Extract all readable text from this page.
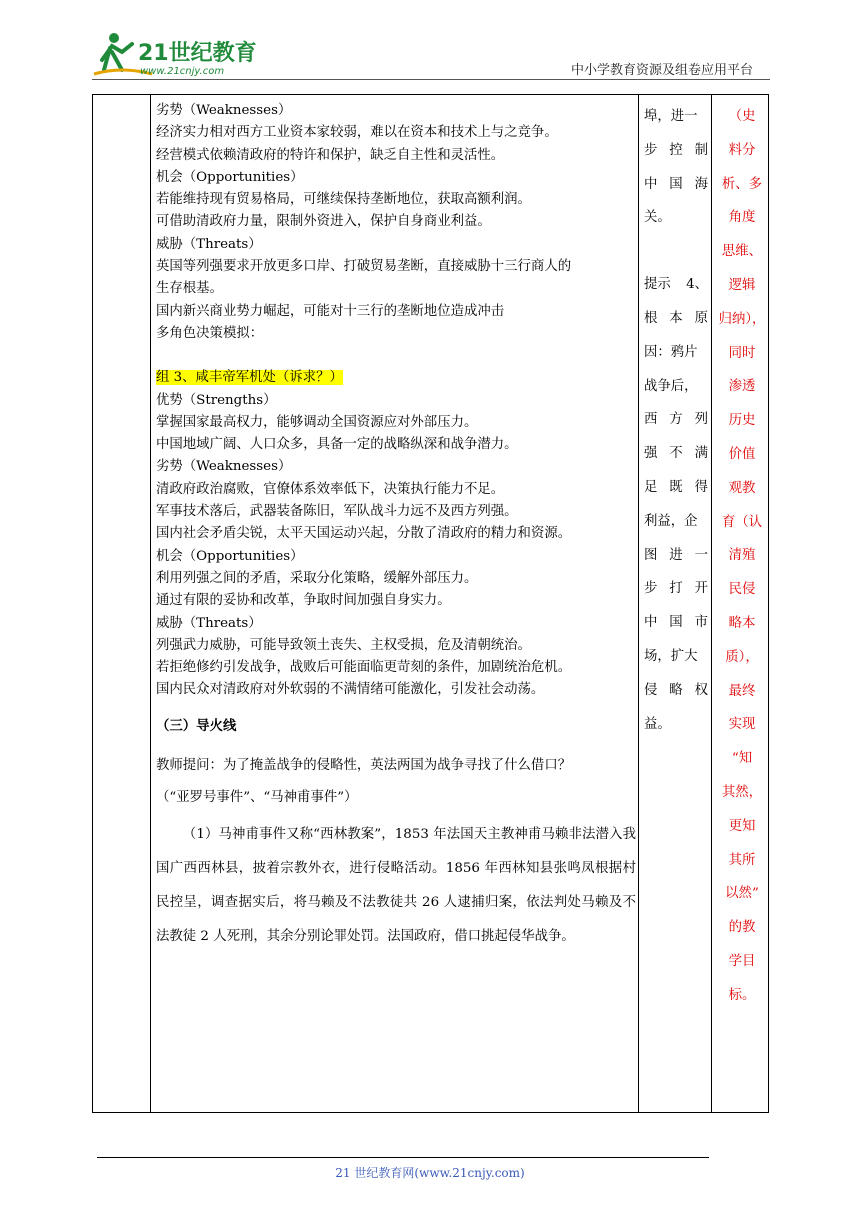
21世纪教育
www.21cnjy.com	中小学教育资源及组卷应用平台
劣势（Weaknesses）
经济实力相对西方工业资本家较弱，难以在资本和技术上与之竞争。
经营模式依赖清政府的特许和保护，缺乏自主性和灵活性。
机会（Opportunities）
若能维持现有贸易格局，可继续保持垄断地位，获取高额利润。
可借助清政府力量，限制外资进入，保护自身商业利益。
威胁（Threats）
英国等列强要求开放更多口岸、打破贸易垄断，直接威胁十三行商人的
生存根基。
国内新兴商业势力崛起，可能对十三行的垄断地位造成冲击
多角色决策模拟：
组 3、咸丰帝军机处（诉求？）
优势（Strengths）
掌握国家最高权力，能够调动全国资源应对外部压力。
中国地域广阔、人口众多，具备一定的战略纵深和战争潜力。
劣势（Weaknesses）
清政府政治腐败，官僚体系效率低下，决策执行能力不足。
军事技术落后，武器装备陈旧，军队战斗力远不及西方列强。
国内社会矛盾尖锐，太平天国运动兴起，分散了清政府的精力和资源。
机会（Opportunities）
利用列强之间的矛盾，采取分化策略，缓解外部压力。
通过有限的妥协和改革，争取时间加强自身实力。
威胁（Threats）
列强武力威胁，可能导致领土丧失、主权受损，危及清朝统治。
若拒绝修约引发战争，战败后可能面临更苛刻的条件，加剧统治危机。
国内民众对清政府对外软弱的不满情绪可能激化，引发社会动荡。
（三）导火线
教师提问：为了掩盖战争的侵略性，英法两国为战争寻找了什么借口？
（“亚罗号事件”、“马神甫事件”）
（1）马神甫事件又称“西林教案”，1853 年法国天主教神甫马赖非法潜入我国广西西林县，披着宗教外衣，进行侵略活动。1856 年西林知县张鸣凤根据村民控呈，调查据实后，将马赖及不法教徒共 26 人逮捕归案，依法判处马赖及不法教徒 2 人死刑，其余分别论罪处罚。法国政府，借口挑起侵华战争。
埠，进一
步 控 制
中 国 海
关。
提示 4、
根 本 原
因：鸦片
战争后，
西 方 列
强 不 满
足 既 得
利益，企
图 进 一
步 打 开
中 国 市
场，扩大
侵 略 权
益。
（史
料分
析、多
角度
思维、
逻辑
归纳），
同时
渗透
历史
价值
观教
育（认
清殖
民侵
略本
质），
最终
实现
“知
其然，
更知
其所
以然”
的教
学目
标。
21 世纪教育网(www.21cnjy.com)
